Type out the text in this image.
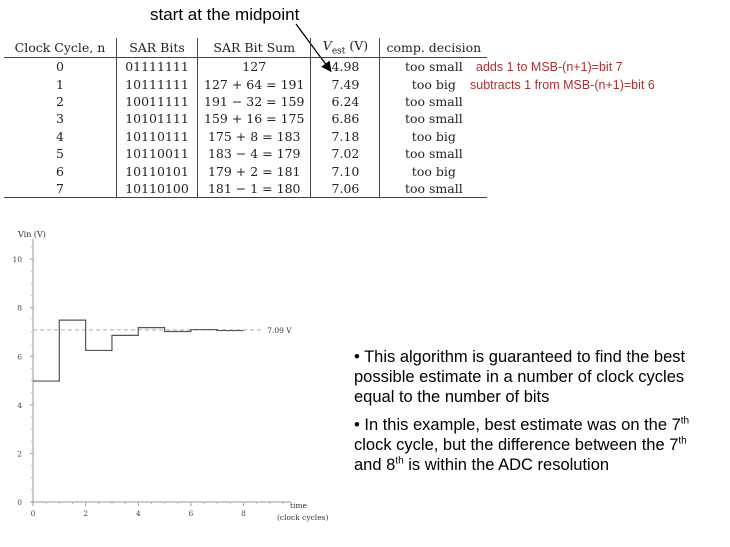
start at the midpoint
Clock Cycle, n	SAR Bits	SAR Bit Sum	$V_{est}$ (V)	comp. decision
0	01111111	127	4.98	too small
1	10111111	127 + 64 = 191	7.49	too big
2	10011111	191 − 32 = 159	6.24	too small
3	10101111	159 + 16 = 175	6.86	too small
4	10110111	175 + 8 = 183	7.18	too big
5	10110011	183 − 4 = 179	7.02	too small
6	10110101	179 + 2 = 181	7.10	too big
7	10110100	181 − 1 = 180	7.06	too small
adds 1 to MSB-(n+1)=bit 7
subtracts 1 from MSB-(n+1)=bit 6
Vin (V)
0
2
4
6
8
10
0	2	4	6	8
time
(clock cycles)
7.09 V
• This algorithm is guaranteed to find the best possible estimate in a number of clock cycles equal to the number of bits
• In this example, best estimate was on the 7th clock cycle, but the difference between the 7th and 8th is within the ADC resolution
